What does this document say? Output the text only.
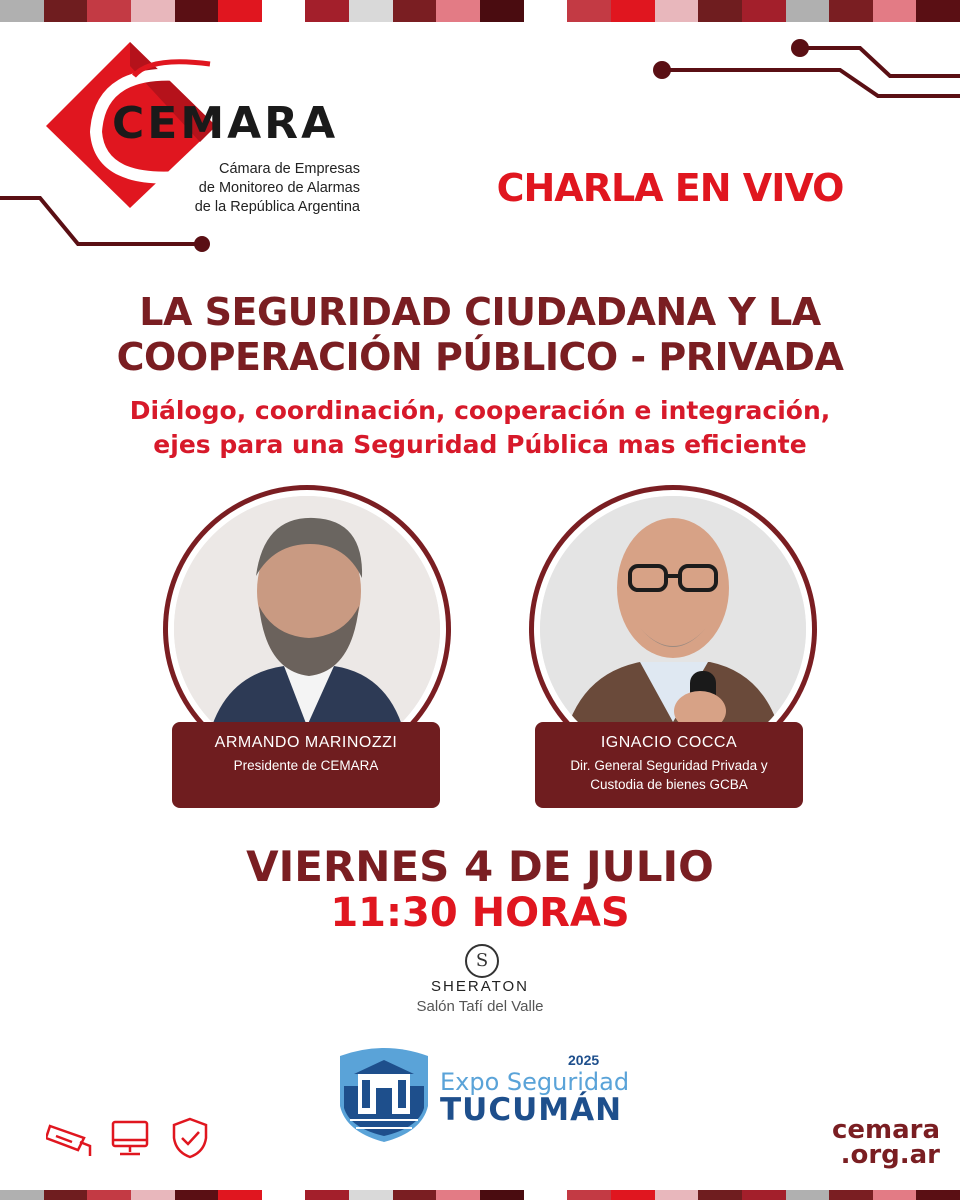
CEMARA
Cámara de Empresas
de Monitoreo de Alarmas
de la República Argentina	CHARLA EN VIVO
LA SEGURIDAD CIUDADANA Y LA
COOPERACIÓN PÚBLICO - PRIVADA
Diálogo, coordinación, cooperación e integración,
ejes para una Seguridad Pública mas eficiente
ARMANDO MARINOZZI
Presidente de CEMARA
IGNACIO COCCA
Dir. General Seguridad Privada y
Custodia de bienes GCBA
VIERNES 4 DE JULIO
11:30 HORAS
S
SHERATON
Salón Tafí del Valle
2025
Expo Seguridad
TUCUMÁN
cemara
.org.ar
